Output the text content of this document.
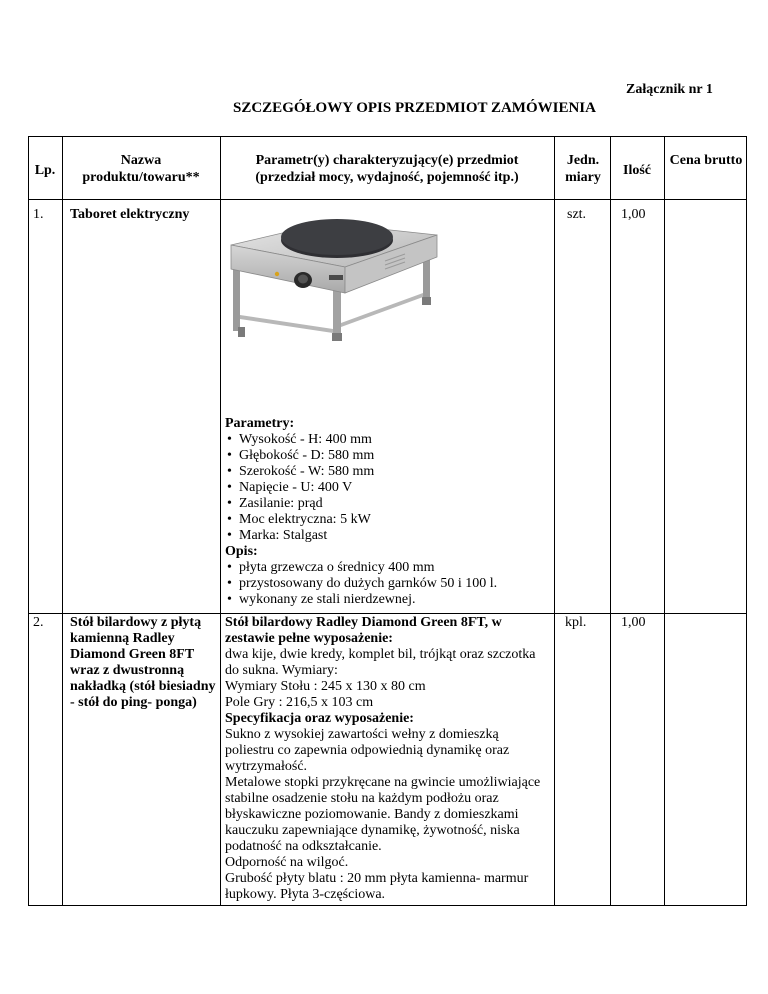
Załącznik nr 1
SZCZEGÓŁOWY OPIS PRZEDMIOT ZAMÓWIENIA
Lp.
Nazwa produktu/towaru**
Parametr(y) charakteryzujący(e) przedmiot (przedział mocy, wydajność, pojemność itp.)
Jedn. miary	Ilość
Cena brutto
1. Taboret elektryczny	szt. 1,00
Parametry:
• Wysokość - H: 400 mm
• Głębokość - D: 580 mm
• Szerokość - W: 580 mm
• Napięcie - U: 400 V
• Zasilanie: prąd
• Moc elektryczna: 5 kW
• Marka: Stalgast
Opis:
• płyta grzewcza o średnicy 400 mm
• przystosowany do dużych garnków 50 i 100 l.
• wykonany ze stali nierdzewnej.
2. Stół bilardowy z płytą kamienną Radley Diamond Green 8FT wraz z dwustronną nakładką (stół biesiadny - stół do ping- ponga)
kpl. 1,00
Stół bilardowy Radley Diamond Green 8FT, w zestawie pełne wyposażenie:
dwa kije, dwie kredy, komplet bil, trójkąt oraz szczotka do sukna. Wymiary:
Wymiary Stołu : 245 x 130 x 80 cm
Pole Gry : 216,5 x 103 cm
Specyfikacja oraz wyposażenie:
Sukno z wysokiej zawartości wełny z domieszką poliestru co zapewnia odpowiednią dynamikę oraz wytrzymałość.
Metalowe stopki przykręcane na gwincie umożliwiające stabilne osadzenie stołu na każdym podłożu oraz błyskawiczne poziomowanie. Bandy z domieszkami kauczuku zapewniające dynamikę, żywotność, niska podatność na odkształcanie.
Odporność na wilgoć.
Grubość płyty blatu : 20 mm płyta kamienna- marmur łupkowy. Płyta 3-częściowa.
